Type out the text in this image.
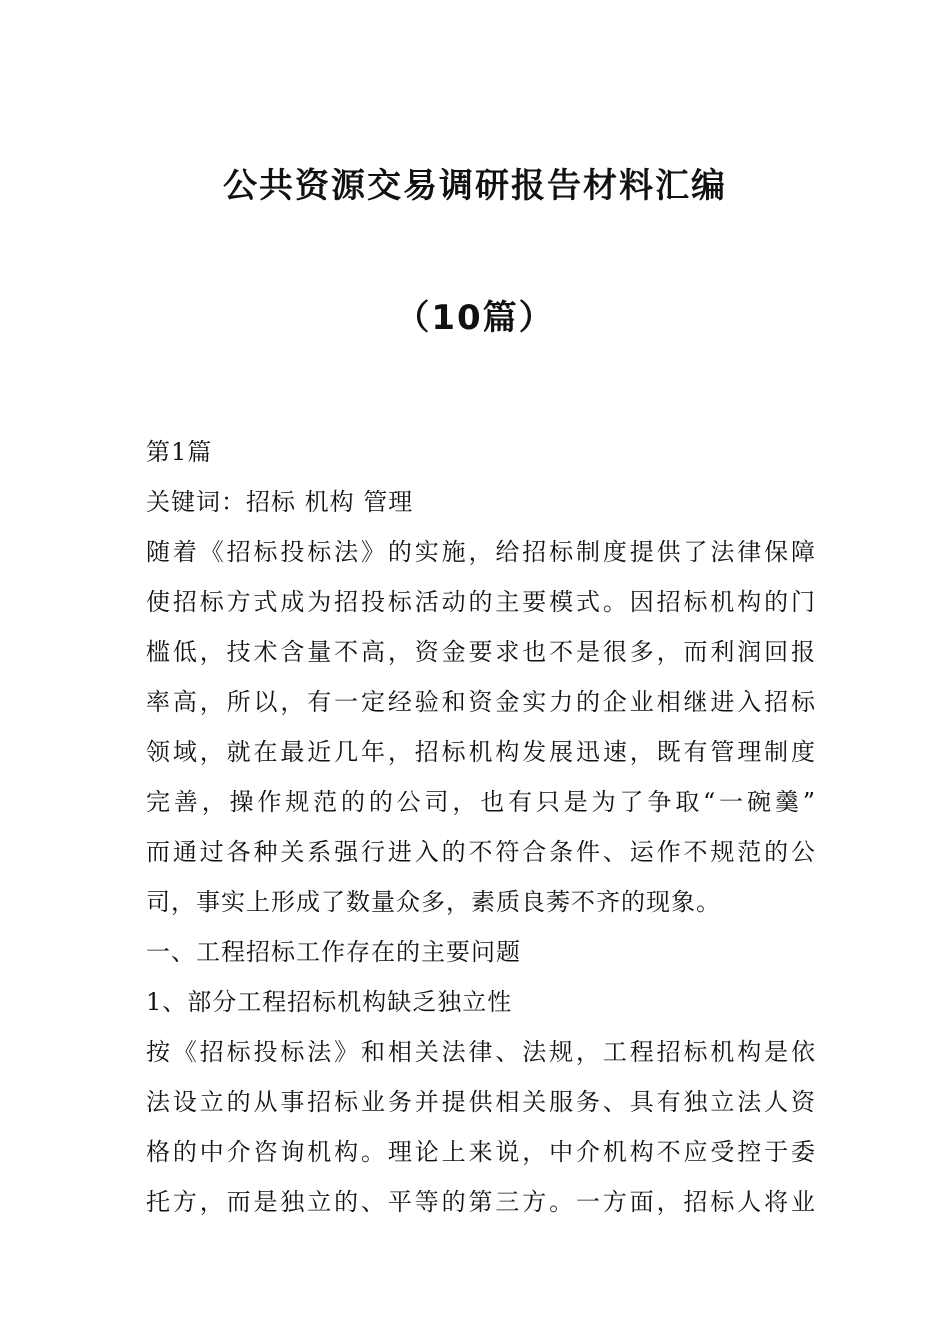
公共资源交易调研报告材料汇编
（10篇）
第1篇
关键词：招标 机构 管理
随着《招标投标法》的实施，给招标制度提供了法律保障
使招标方式成为招投标活动的主要模式。因招标机构的门
槛低，技术含量不高，资金要求也不是很多，而利润回报
率高，所以，有一定经验和资金实力的企业相继进入招标
领域，就在最近几年，招标机构发展迅速，既有管理制度
完善，操作规范的的公司，也有只是为了争取“一碗羹”
而通过各种关系强行进入的不符合条件、运作不规范的公
司，事实上形成了数量众多，素质良莠不齐的现象。
一、工程招标工作存在的主要问题
1、部分工程招标机构缺乏独立性
按《招标投标法》和相关法律、法规，工程招标机构是依
法设立的从事招标业务并提供相关服务、具有独立法人资
格的中介咨询机构。理论上来说，中介机构不应受控于委
托方，而是独立的、平等的第三方。一方面，招标人将业
